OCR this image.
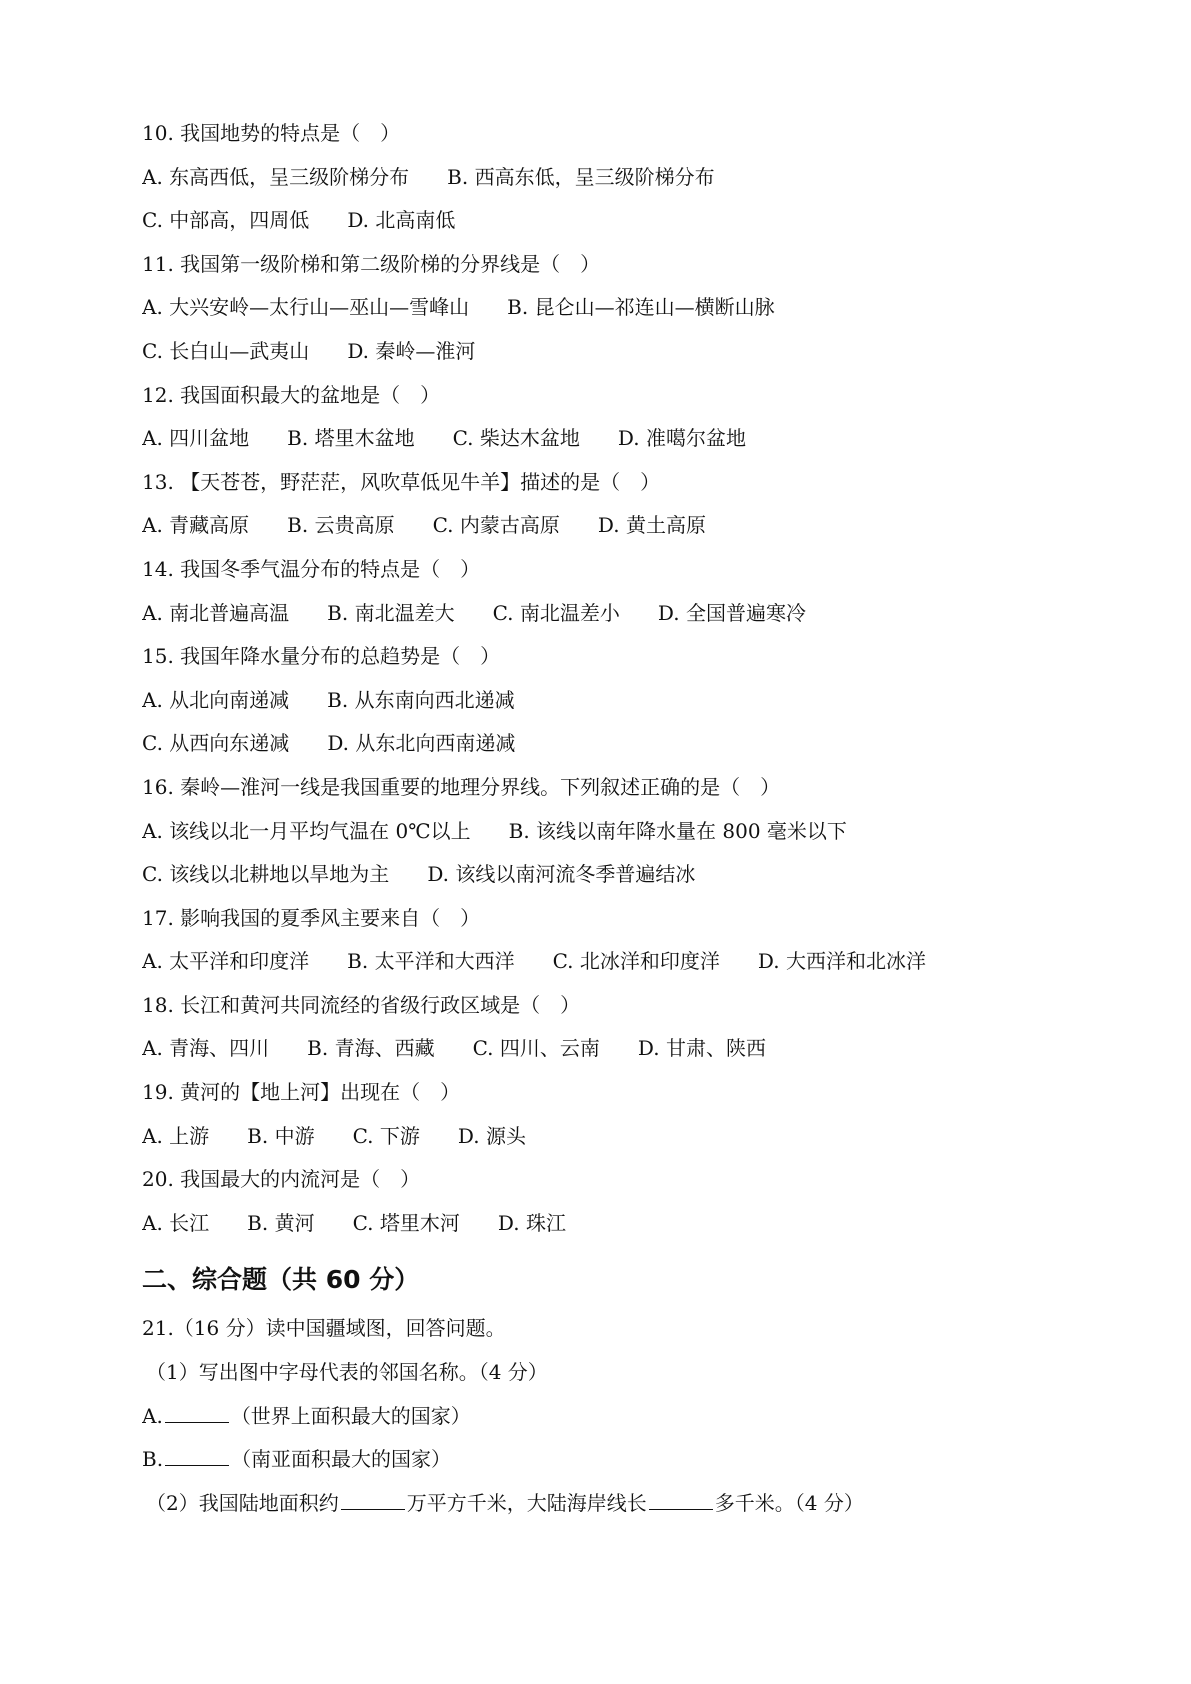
10. 我国地势的特点是（　）
A. 东高西低，呈三级阶梯分布 B. 西高东低，呈三级阶梯分布
C. 中部高，四周低 D. 北高南低
11. 我国第一级阶梯和第二级阶梯的分界线是（　）
A. 大兴安岭—太行山—巫山—雪峰山 B. 昆仑山—祁连山—横断山脉
C. 长白山—武夷山 D. 秦岭—淮河
12. 我国面积最大的盆地是（　）
A. 四川盆地 B. 塔里木盆地 C. 柴达木盆地 D. 准噶尔盆地
13. 【天苍苍，野茫茫，风吹草低见牛羊】描述的是（　）
A. 青藏高原 B. 云贵高原 C. 内蒙古高原 D. 黄土高原
14. 我国冬季气温分布的特点是（　）
A. 南北普遍高温 B. 南北温差大 C. 南北温差小 D. 全国普遍寒冷
15. 我国年降水量分布的总趋势是（　）
A. 从北向南递减 B. 从东南向西北递减
C. 从西向东递减 D. 从东北向西南递减
16. 秦岭—淮河一线是我国重要的地理分界线。下列叙述正确的是（　）
A. 该线以北一月平均气温在 0℃以上 B. 该线以南年降水量在 800 毫米以下
C. 该线以北耕地以旱地为主 D. 该线以南河流冬季普遍结冰
17. 影响我国的夏季风主要来自（　）
A. 太平洋和印度洋 B. 太平洋和大西洋 C. 北冰洋和印度洋 D. 大西洋和北冰洋
18. 长江和黄河共同流经的省级行政区域是（　）
A. 青海、四川 B. 青海、西藏 C. 四川、云南 D. 甘肃、陕西
19. 黄河的【地上河】出现在（　）
A. 上游 B. 中游 C. 下游 D. 源头
20. 我国最大的内流河是（　）
A. 长江 B. 黄河 C. 塔里木河 D. 珠江
二、综合题（共 60 分）
21.（16 分）读中国疆域图，回答问题。
（1）写出图中字母代表的邻国名称。（4 分）
A.	（世界上面积最大的国家）
B.	（南亚面积最大的国家）
（2）我国陆地面积约	万平方千米，大陆海岸线长	多千米。（4 分）
